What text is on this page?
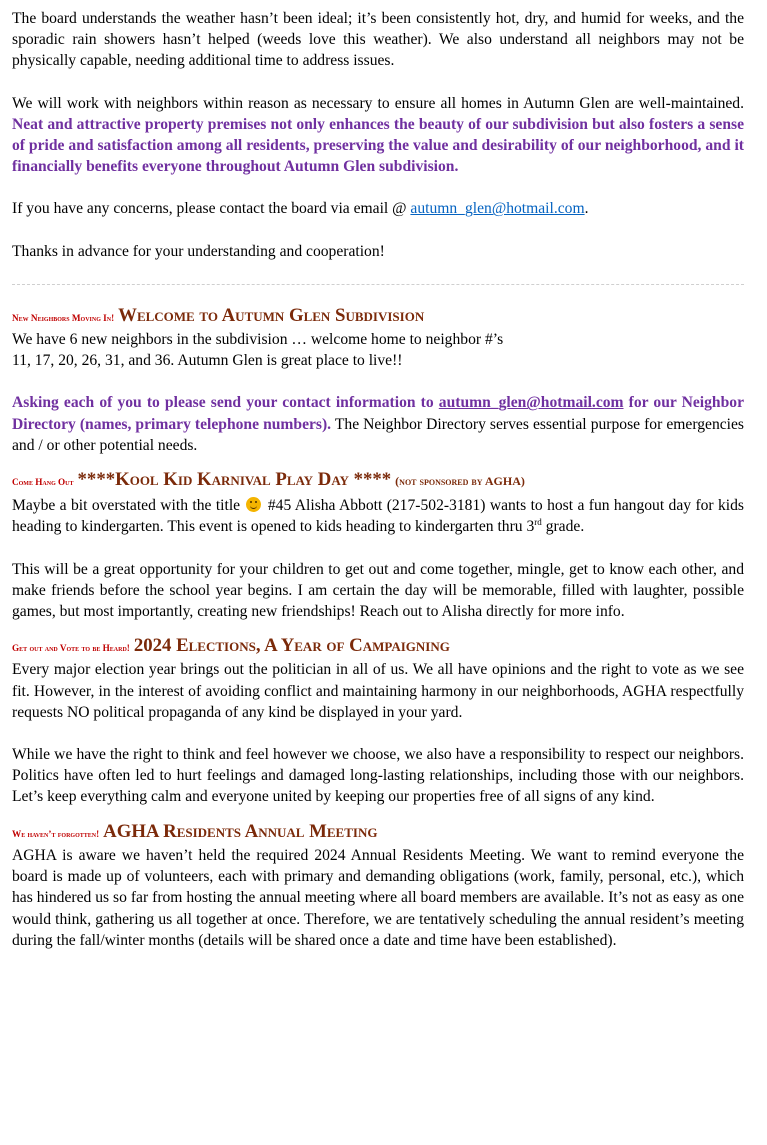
The board understands the weather hasn’t been ideal; it’s been consistently hot, dry, and humid for weeks, and the sporadic rain showers hasn’t helped (weeds love this weather). We also understand all neighbors may not be physically capable, needing additional time to address issues.

We will work with neighbors within reason as necessary to ensure all homes in Autumn Glen are well-maintained. Neat and attractive property premises not only enhances the beauty of our subdivision but also fosters a sense of pride and satisfaction among all residents, preserving the value and desirability of our neighborhood, and it financially benefits everyone throughout Autumn Glen subdivision.

If you have any concerns, please contact the board via email @ autumn_glen@hotmail.com.

Thanks in advance for your understanding and cooperation!

New Neighbors Moving In! Welcome to Autumn Glen Subdivision

We have 6 new neighbors in the subdivision … welcome home to neighbor #’s

11, 17, 20, 26, 31, and 36. Autumn Glen is great place to live!!

Asking each of you to please send your contact information to autumn_glen@hotmail.com for our Neighbor Directory (names, primary telephone numbers). The Neighbor Directory serves essential purpose for emergencies and / or other potential needs.

Come Hang Out ****Kool Kid Karnival Play Day **** (not sponsored by AGHA)

Maybe a bit overstated with the title #45 Alisha Abbott (217-502-3181) wants to host a fun hangout day for kids heading to kindergarten. This event is opened to kids heading to kindergarten thru 3rd grade.

This will be a great opportunity for your children to get out and come together, mingle, get to know each other, and make friends before the school year begins. I am certain the day will be memorable, filled with laughter, possible games, but most importantly, creating new friendships! Reach out to Alisha directly for more info.

Get out and Vote to be Heard! 2024 Elections, A Year of Campaigning

Every major election year brings out the politician in all of us. We all have opinions and the right to vote as we see fit. However, in the interest of avoiding conflict and maintaining harmony in our neighborhoods, AGHA respectfully requests NO political propaganda of any kind be displayed in your yard.

While we have the right to think and feel however we choose, we also have a responsibility to respect our neighbors. Politics have often led to hurt feelings and damaged long-lasting relationships, including those with our neighbors. Let’s keep everything calm and everyone united by keeping our properties free of all signs of any kind.

We haven’t forgotten! AGHA Residents Annual Meeting

AGHA is aware we haven’t held the required 2024 Annual Residents Meeting. We want to remind everyone the board is made up of volunteers, each with primary and demanding obligations (work, family, personal, etc.), which has hindered us so far from hosting the annual meeting where all board members are available. It’s not as easy as one would think, gathering us all together at once. Therefore, we are tentatively scheduling the annual resident’s meeting during the fall/winter months (details will be shared once a date and time have been established).
